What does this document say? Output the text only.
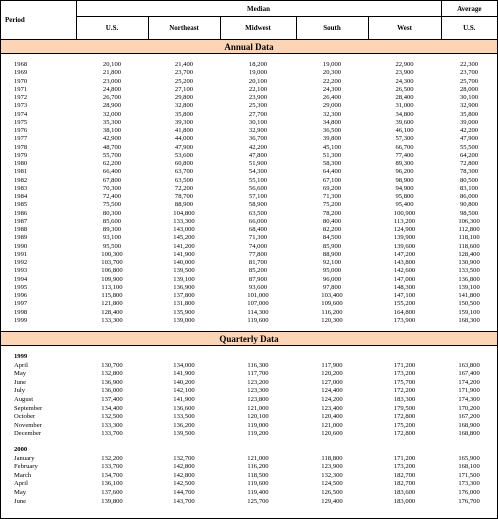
Period	Median					Average
	U.S.	Northeast	Midwest	South	West	U.S.
Annual Data						

1968	20,100	21,400	18,200	19,000	22,900	22,300
1969	21,800	23,700	19,000	20,300	23,900	23,700
1970	23,000	25,200	20,100	22,200	24,300	25,700
1971	24,800	27,100	22,100	24,300	26,500	28,000
1972	26,700	29,800	23,900	26,400	28,400	30,100
1973	28,900	32,800	25,300	29,000	31,000	32,900
1974	32,000	35,800	27,700	32,300	34,800	35,800
1975	35,300	39,300	30,100	34,800	39,600	39,000
1976	38,100	41,800	32,900	36,500	46,100	42,200
1977	42,900	44,000	36,700	39,800	57,300	47,900
1978	48,700	47,900	42,200	45,100	66,700	55,500
1979	55,700	53,600	47,800	51,300	77,400	64,200
1980	62,200	60,800	51,900	58,300	89,300	72,800
1981	66,400	63,700	54,300	64,400	96,200	78,300
1982	67,800	63,500	55,100	67,100	98,900	80,500
1983	70,300	72,200	56,600	69,200	94,900	83,100
1984	72,400	78,700	57,100	71,300	95,800	86,000
1985	75,500	88,900	58,900	75,200	95,400	90,800
1986	80,300	104,800	63,500	78,200	100,900	98,500
1987	85,600	133,300	66,000	80,400	113,200	106,300
1988	89,300	143,000	68,400	82,200	124,900	112,800
1989	93,100	145,200	71,300	84,500	139,900	118,100
1990	95,500	141,200	74,000	85,900	139,600	118,600
1991	100,300	141,900	77,800	88,900	147,200	128,400
1992	103,700	140,000	81,700	92,100	143,800	130,900
1993	106,800	139,500	85,200	95,000	142,600	133,500
1994	109,900	139,100	87,900	96,000	147,000	136,800
1995	113,100	136,900	93,600	97,800	148,300	139,100
1996	115,800	137,800	101,000	103,400	147,100	141,800
1997	121,800	131,800	107,000	109,600	155,200	150,500
1998	128,400	135,900	114,300	116,200	164,800	159,100
1999	133,300	139,000	119,600	120,300	173,900	168,300

Quarterly Data						

1999						
April	130,700	134,000	116,300	117,900	171,200	163,800
May	132,800	141,900	117,700	120,200	173,200	167,400
June	136,900	140,200	123,200	127,000	175,700	174,200
July	136,000	142,100	123,300	124,400	172,200	171,900
August	137,400	141,900	123,800	124,200	183,300	174,300
September	134,400	136,600	121,000	123,400	179,500	170,200
October	132,500	133,500	120,100	120,400	172,800	167,200
November	133,300	136,200	119,000	121,000	175,200	168,900
December	133,700	139,500	119,200	120,600	172,800	168,800

2000						
January	132,200	132,700	121,000	118,800	171,200	165,900
February	133,700	142,800	116,200	123,900	173,200	168,100
March	134,700	142,800	118,500	132,300	182,700	171,500
April	136,100	142,500	119,600	124,500	182,700	173,300
May	137,600	144,700	119,400	126,500	183,600	176,000
June	139,800	143,700	125,700	129,400	183,000	176,700
